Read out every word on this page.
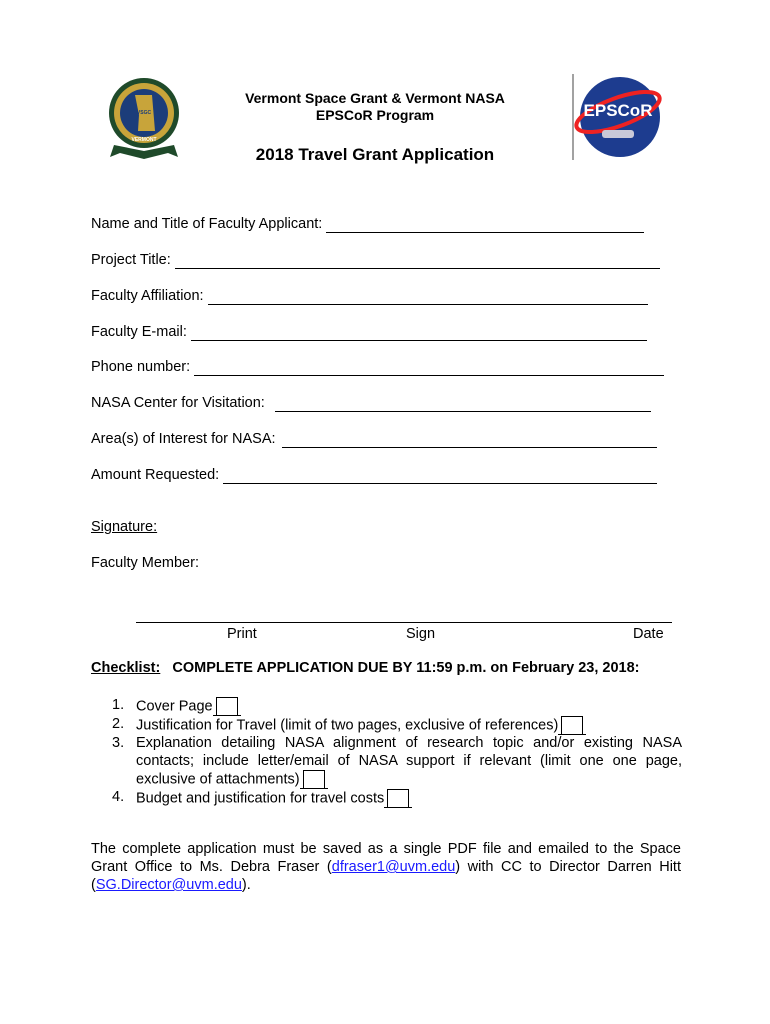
VSGC
VERMONT
EPSCoR
Vermont Space Grant & Vermont NASA
EPSCoR Program
2018 Travel Grant Application
Name and Title of Faculty Applicant:
Project Title:
Faculty Affiliation:
Faculty E-mail:
Phone number:
NASA Center for Visitation:
Area(s) of Interest for NASA:
Amount Requested:
Signature:
Faculty Member:
Print	Sign	Date
Checklist: COMPLETE APPLICATION DUE BY 11:59 p.m. on February 23, 2018:
1. Cover Page
2. Justification for Travel (limit of two pages, exclusive of references)
3. Explanation detailing NASA alignment of research topic and/or existing NASA contacts; include letter/email of NASA support if relevant (limit one one page, exclusive of attachments)
4. Budget and justification for travel costs
The complete application must be saved as a single PDF file and emailed to the Space Grant Office to Ms. Debra Fraser (dfraser1@uvm.edu) with CC to Director Darren Hitt (SG.Director@uvm.edu).
